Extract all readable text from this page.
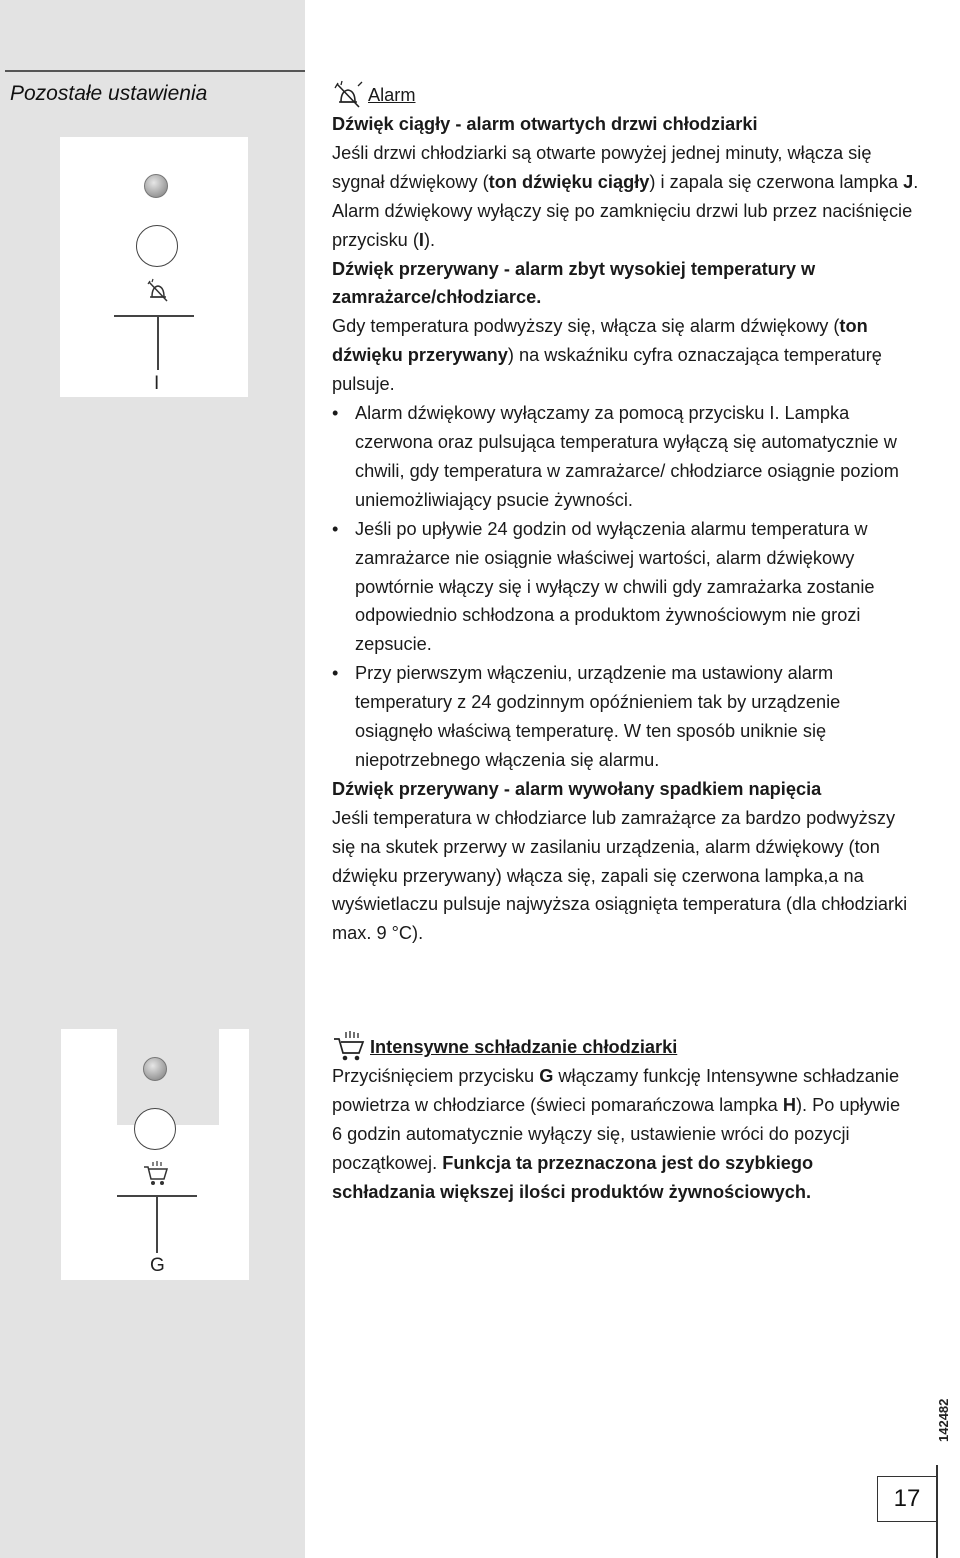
Pozostałe ustawienia
I
G

Alarm

Dźwięk ciągły - alarm otwartych drzwi chłodziarki

Jeśli drzwi chłodziarki są otwarte powyżej jednej minuty, włącza się sygnał dźwiękowy (ton dźwięku ciągły) i zapala się czerwona lampka J. Alarm dźwiękowy wyłączy się po zamknięciu drzwi lub przez naciśnięcie przycisku (I).

Dźwięk przerywany - alarm zbyt wysokiej temperatury w zamrażarce/chłodziarce.

Gdy temperatura podwyższy się, włącza się alarm dźwiękowy (ton dźwięku przerywany) na wskaźniku cyfra oznaczająca temperaturę pulsuje.

• Alarm dźwiękowy wyłączamy za pomocą przycisku I. Lampka czerwona oraz pulsująca temperatura wyłączą się automatycznie w chwili, gdy temperatura w zamrażarce/ chłodziarce osiągnie poziom uniemożliwiający psucie żywności.

• Jeśli po upływie 24 godzin od wyłączenia alarmu temperatura w zamrażarce nie osiągnie właściwej wartości, alarm dźwiękowy powtórnie włączy się i wyłączy w chwili gdy zamrażarka zostanie odpowiednio schłodzona a produktom żywnościowym nie grozi zepsucie.

• Przy pierwszym włączeniu, urządzenie ma ustawiony alarm temperatury z 24 godzinnym opóźnieniem tak by urządzenie osiągnęło właściwą temperaturę. W ten sposób uniknie się niepotrzebnego włączenia się alarmu.

Dźwięk przerywany - alarm wywołany spadkiem napięcia

Jeśli temperatura w chłodziarce lub zamrażąrce za bardzo podwyższy się na skutek przerwy w zasilaniu urządzenia, alarm dźwiękowy (ton dźwięku przerywany) włącza się, zapali się czerwona lampka,a na wyświetlaczu pulsuje najwyższa osiągnięta temperatura (dla chłodziarki max. 9 °C).

Intensywne schładzanie chłodziarki

Przyciśnięciem przycisku G włączamy funkcję Intensywne schładzanie powietrza w chłodziarce (świeci pomarańczowa lampka H). Po upływie 6 godzin automatycznie wyłączy się, ustawienie wróci do pozycji początkowej. Funkcja ta przeznaczona jest do szybkiego schładzania większej ilości produktów żywnościowych.

142482
17
